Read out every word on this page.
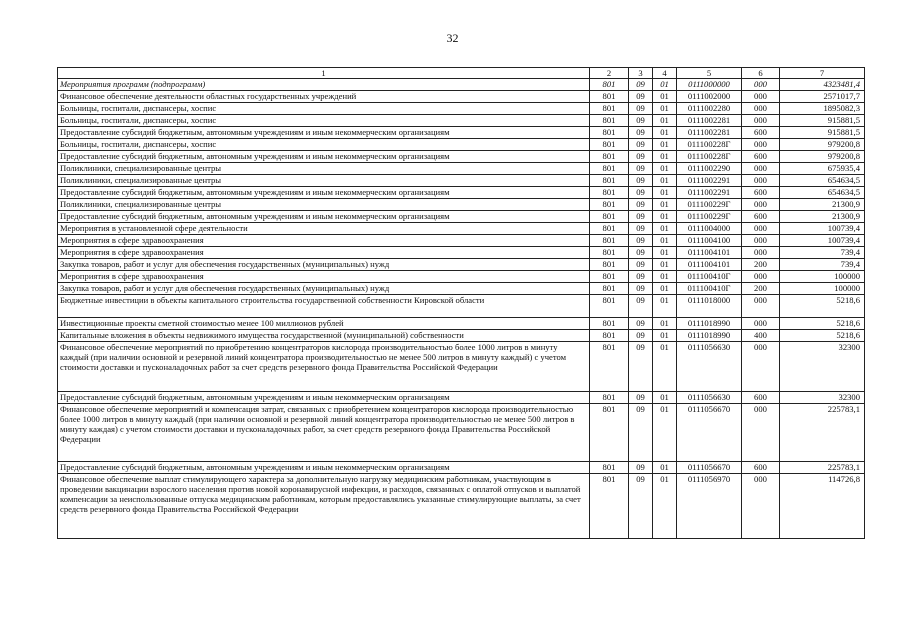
32
1	2	3	4	5	6	7
Мероприятия программ (подпрограмм)	801	09	01	0111000000	000	4323481,4
Финансовое обеспечение деятельности областных государственных учреждений	801	09	01	0111002000	000	2571017,7
Больницы, госпитали, диспансеры, хоспис	801	09	01	0111002280	000	1895082,3
Больницы, госпитали, диспансеры, хоспис	801	09	01	0111002281	000	915881,5
Предоставление субсидий бюджетным, автономным учреждениям и иным некоммерческим организациям	801	09	01	0111002281	600	915881,5
Больницы, госпитали, диспансеры, хоспис	801	09	01	011100228Г	000	979200,8
Предоставление субсидий бюджетным, автономным учреждениям и иным некоммерческим организациям	801	09	01	011100228Г	600	979200,8
Поликлиники, специализированные центры	801	09	01	0111002290	000	675935,4
Поликлиники, специализированные центры	801	09	01	0111002291	000	654634,5
Предоставление субсидий бюджетным, автономным учреждениям и иным некоммерческим организациям	801	09	01	0111002291	600	654634,5
Поликлиники, специализированные центры	801	09	01	011100229Г	000	21300,9
Предоставление субсидий бюджетным, автономным учреждениям и иным некоммерческим организациям	801	09	01	011100229Г	600	21300,9
Мероприятия в установленной сфере деятельности	801	09	01	0111004000	000	100739,4
Мероприятия в сфере здравоохранения	801	09	01	0111004100	000	100739,4
Мероприятия в сфере здравоохранения	801	09	01	0111004101	000	739,4
Закупка товаров, работ и услуг для обеспечения государственных (муниципальных) нужд	801	09	01	0111004101	200	739,4
Мероприятия в сфере здравоохранения	801	09	01	011100410Г	000	100000
Закупка товаров, работ и услуг для обеспечения государственных (муниципальных) нужд	801	09	01	011100410Г	200	100000
Бюджетные инвестиции в объекты капитального строительства государственной собственности Кировской области	801	09	01	0111018000	000	5218,6
Инвестиционные проекты сметной стоимостью менее 100 миллионов рублей	801	09	01	0111018990	000	5218,6
Капитальные вложения в объекты недвижимого имущества государственной (муниципальной) собственности	801	09	01	0111018990	400	5218,6
Финансовое обеспечение мероприятий по приобретению концентраторов кислорода производительностью более 1000 литров в минуту каждый (при наличии основной и резервной линий концентратора производительностью не менее 500 литров в минуту каждый) с учетом стоимости доставки и пусконаладочных работ за счет средств резервного фонда Правительства Российской Федерации	801	09	01	0111056630	000	32300
Предоставление субсидий бюджетным, автономным учреждениям и иным некоммерческим организациям	801	09	01	0111056630	600	32300
Финансовое обеспечение мероприятий и компенсация затрат, связанных с приобретением концентраторов кислорода производительностью более 1000 литров в минуту каждый (при наличии основной и резервной линий концентратора производительностью не менее 500 литров в минуту каждая) с учетом стоимости доставки и пусконаладочных работ, за счет средств резервного фонда Правительства Российской Федерации	801	09	01	0111056670	000	225783,1
Предоставление субсидий бюджетным, автономным учреждениям и иным некоммерческим организациям	801	09	01	0111056670	600	225783,1
Финансовое обеспечение выплат стимулирующего характера за дополнительную нагрузку медицинским работникам, участвующим в проведении вакцинации взрослого населения против новой коронавирусной инфекции, и расходов, связанных с оплатой отпусков и выплатой компенсации за неиспользованные отпуска медицинским работникам, которым предоставлялись указанные стимулирующие выплаты, за счет средств резервного фонда Правительства Российской Федерации	801	09	01	0111056970	000	114726,8
